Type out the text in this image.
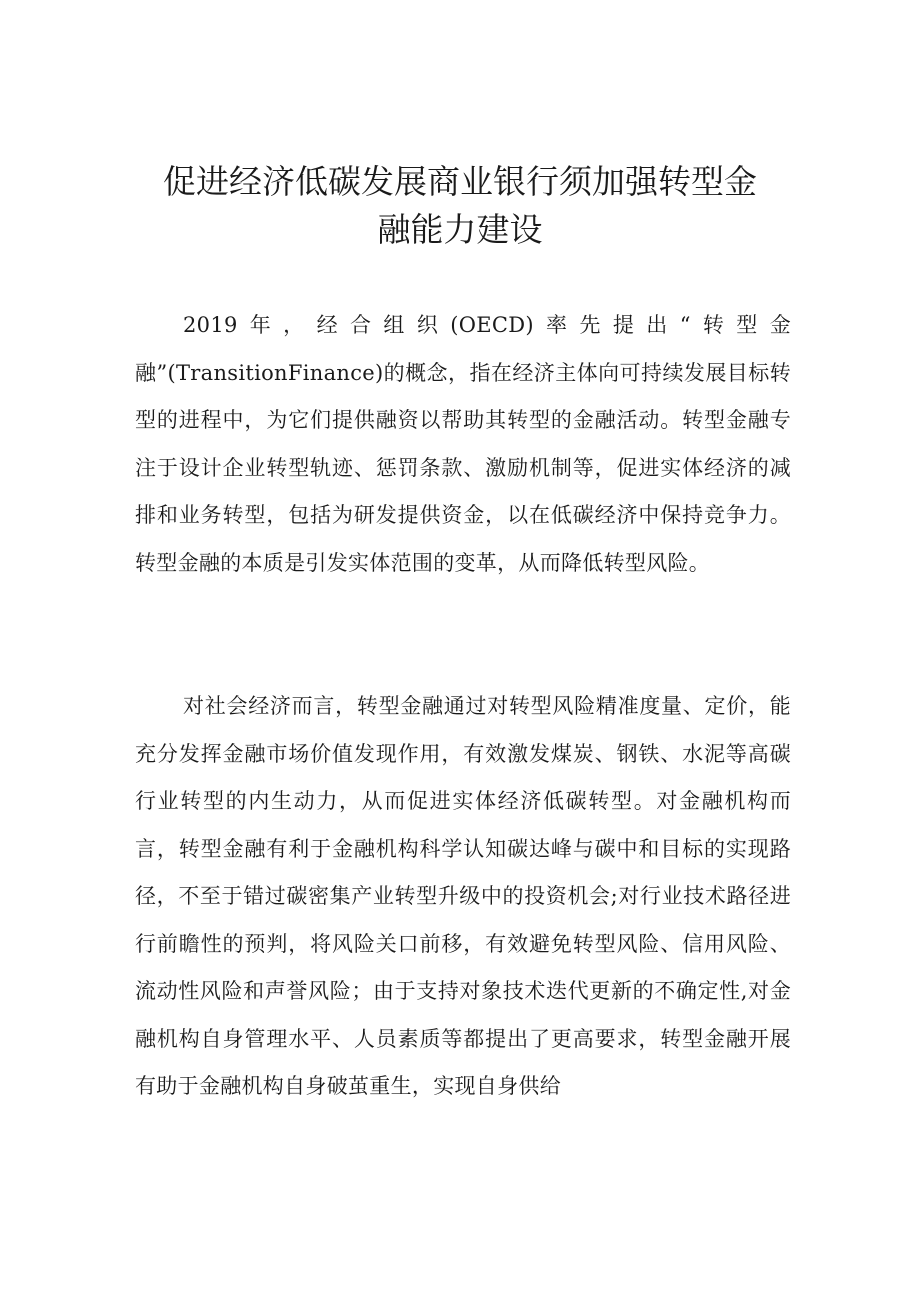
促进经济低碳发展商业银行须加强转型金
融能力建设

2019年，经合组织(OECD)率先提出“转型金融”(TransitionFinance)的概念，指在经济主体向可持续发展目标转型的进程中，为它们提供融资以帮助其转型的金融活动。转型金融专注于设计企业转型轨迹、惩罚条款、激励机制等，促进实体经济的减排和业务转型，包括为研发提供资金，以在低碳经济中保持竞争力。转型金融的本质是引发实体范围的变革，从而降低转型风险。

对社会经济而言，转型金融通过对转型风险精准度量、定价，能充分发挥金融市场价值发现作用，有效激发煤炭、钢铁、水泥等高碳行业转型的内生动力，从而促进实体经济低碳转型。对金融机构而言，转型金融有利于金融机构科学认知碳达峰与碳中和目标的实现路径，不至于错过碳密集产业转型升级中的投资机会;对行业技术路径进行前瞻性的预判，将风险关口前移，有效避免转型风险、信用风险、流动性风险和声誉风险；由于支持对象技术迭代更新的不确定性,对金融机构自身管理水平、人员素质等都提出了更高要求，转型金融开展有助于金融机构自身破茧重生，实现自身供给
